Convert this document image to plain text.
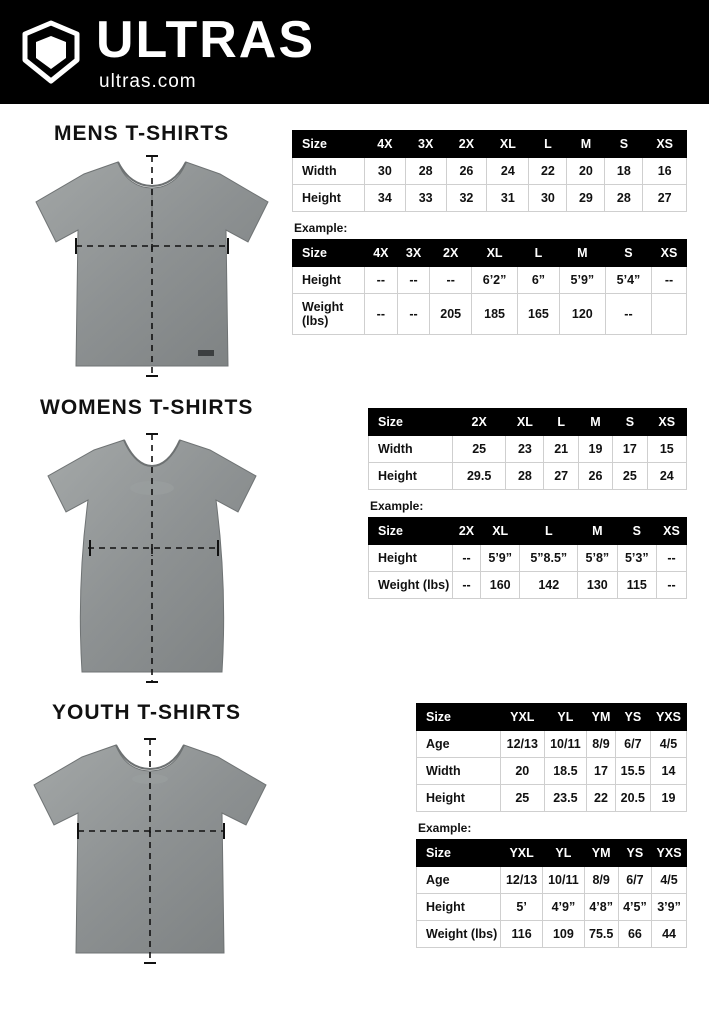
ULTRAS
ultras.com
MENS T-SHIRTS	Size	4X	3X	2X	XL	L	M	S	XS
Width	30	28	26	24	22	20	18	16
Height	34	33	32	31	30	29	28	27
Example:
Size	4X	3X	2X	XL	L	M	S	XS
Height	--	--	--	6’2”	6”	5’9”	5’4”	--
Weight (lbs)	--	--	205	185	165	120	--	
WOMENS T-SHIRTS
Size	2X	XL	L	M	S	XS
Width	25	23	21	19	17	15
Height	29.5	28	27	26	25	24
Example:
Size	2X	XL	L	M	S	XS
Height	--	5’9”	5”8.5”	5’8”	5’3”	--
Weight (lbs)	--	160	142	130	115	--
YOUTH T-SHIRTS	Size	YXL	YL	YM	YS	YXS
Age	12/13	10/11	8/9	6/7	4/5
Width	20	18.5	17	15.5	14
Height	25	23.5	22	20.5	19
Example:
Size	YXL	YL	YM	YS	YXS
Age	12/13	10/11	8/9	6/7	4/5
Height	5’	4’9”	4’8”	4’5”	3’9”
Weight (lbs)	116	109	75.5	66	44
